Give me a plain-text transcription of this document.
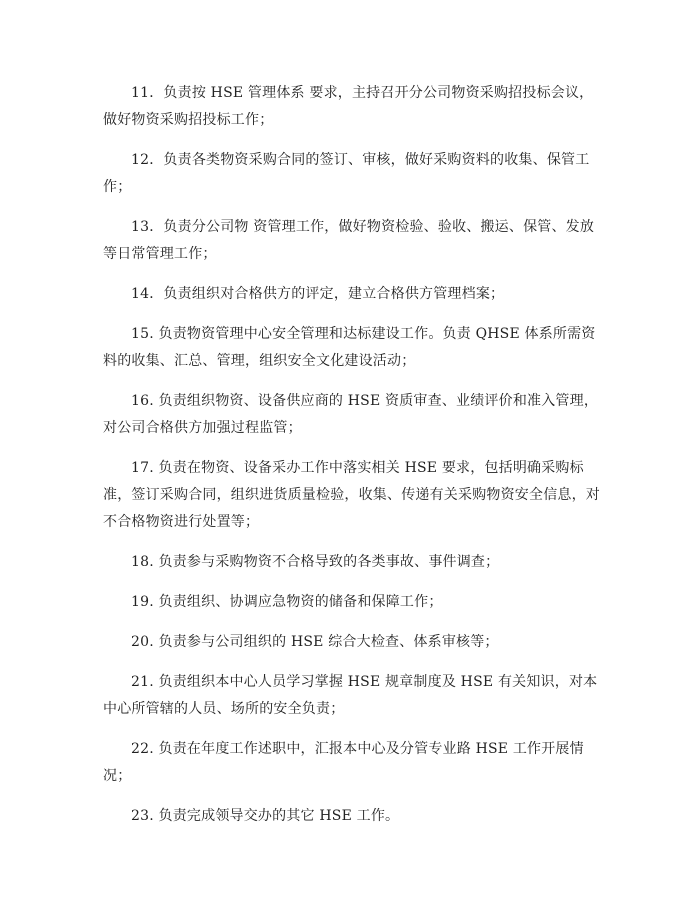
11．负责按 HSE 管理体系 要求，主持召开分公司物资采购招投标会议，做好物资采购招投标工作；

12．负责各类物资采购合同的签订、审核，做好采购资料的收集、保管工作；

13．负责分公司物 资管理工作，做好物资检验、验收、搬运、保管、发放等日常管理工作；

14．负责组织对合格供方的评定，建立合格供方管理档案；

15. 负责物资管理中心安全管理和达标建设工作。负责 QHSE 体系所需资料的收集、汇总、管理，组织安全文化建设活动；

16. 负责组织物资、设备供应商的 HSE 资质审查、业绩评价和准入管理，对公司合格供方加强过程监管；

17. 负责在物资、设备采办工作中落实相关 HSE 要求，包括明确采购标准，签订采购合同，组织进货质量检验，收集、传递有关采购物资安全信息，对不合格物资进行处置等；

18. 负责参与采购物资不合格导致的各类事故、事件调查；

19. 负责组织、协调应急物资的储备和保障工作；

20. 负责参与公司组织的 HSE 综合大检查、体系审核等；

21. 负责组织本中心人员学习掌握 HSE 规章制度及 HSE 有关知识，对本中心所管辖的人员、场所的安全负责；

22. 负责在年度工作述职中，汇报本中心及分管专业路 HSE 工作开展情况；

23. 负责完成领导交办的其它 HSE 工作。
